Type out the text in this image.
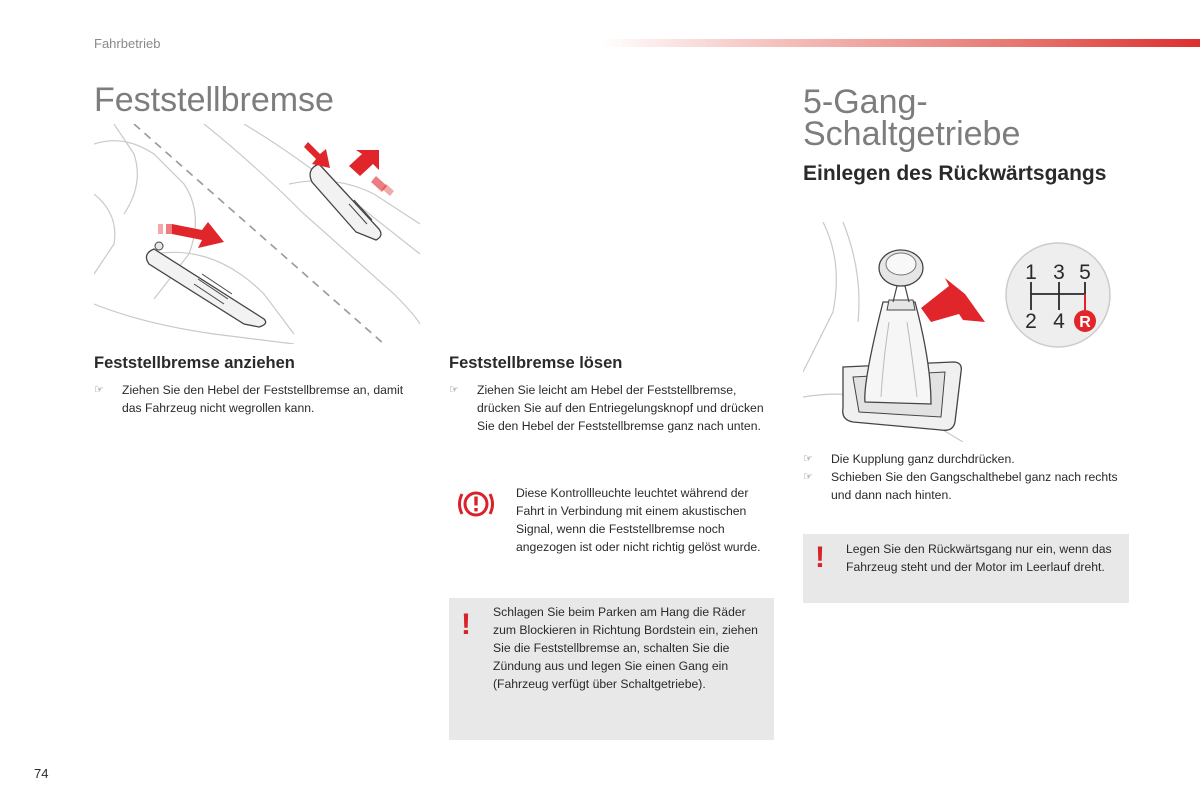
Fahrbetrieb
Feststellbremse
Feststellbremse anziehen
☞ Ziehen Sie den Hebel der Feststellbremse an, damit das Fahrzeug nicht wegrollen kann.
Feststellbremse lösen
☞ Ziehen Sie leicht am Hebel der Feststellbremse, drücken Sie auf den Entriegelungsknopf und drücken Sie den Hebel der Feststellbremse ganz nach unten.
Diese Kontrollleuchte leuchtet während der Fahrt in Verbindung mit einem akustischen Signal, wenn die Feststellbremse noch angezogen ist oder nicht richtig gelöst wurde.
! Schlagen Sie beim Parken am Hang die Räder zum Blockieren in Richtung Bordstein ein, ziehen Sie die Feststellbremse an, schalten Sie die Zündung aus und legen Sie einen Gang ein (Fahrzeug verfügt über Schaltgetriebe).
5-Gang-
Schaltgetriebe
Einlegen des Rückwärtsgangs
1 3 5
2 4 R
☞ Die Kupplung ganz durchdrücken.
☞ Schieben Sie den Gangschalthebel ganz nach rechts und dann nach hinten.
! Legen Sie den Rückwärtsgang nur ein, wenn das Fahrzeug steht und der Motor im Leerlauf dreht.
74
